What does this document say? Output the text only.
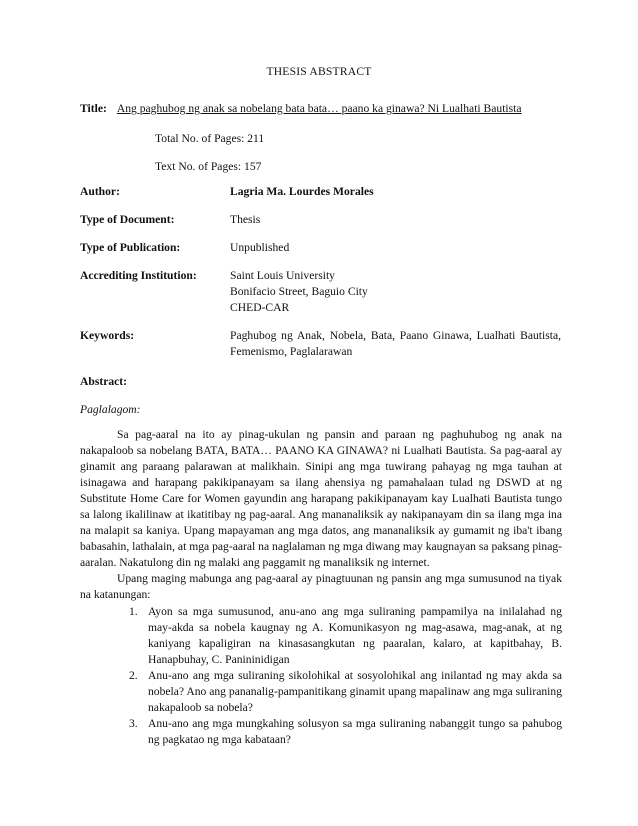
THESIS ABSTRACT
Title: Ang paghubog ng anak sa nobelang bata bata… paano ka ginawa? Ni Lualhati Bautista
Total No. of Pages: 211
Text No. of Pages: 157
Author:	Lagria Ma. Lourdes Morales
Type of Document:	Thesis
Type of Publication:	Unpublished
Accrediting Institution:	Saint Louis University
Bonifacio Street, Baguio City
CHED-CAR
Keywords:	Paghubog ng Anak, Nobela, Bata, Paano Ginawa, Lualhati Bautista, Femenismo, Paglalarawan
Abstract:
Paglalagom:

Sa pag-aaral na ito ay pinag-ukulan ng pansin and paraan ng paghuhubog ng anak na nakapaloob sa nobelang BATA, BATA… PAANO KA GINAWA? ni Lualhati Bautista. Sa pag-aaral ay ginamit ang paraang palarawan at malikhain. Sinipi ang mga tuwirang pahayag ng mga tauhan at isinagawa and harapang pakikipanayam sa ilang ahensiya ng pamahalaan tulad ng DSWD at ng Substitute Home Care for Women gayundin ang harapang pakikipanayam kay Lualhati Bautista tungo sa lalong ikalilinaw at ikatitibay ng pag-aaral. Ang mananaliksik ay nakipanayam din sa ilang mga ina na malapit sa kaniya. Upang mapayaman ang mga datos, ang mananaliksik ay gumamit ng iba't ibang babasahin, lathalain, at mga pag-aaral na naglalaman ng mga diwang may kaugnayan sa paksang pinag-aaralan. Nakatulong din ng malaki ang paggamit ng manaliksik ng internet.

Upang maging mabunga ang pag-aaral ay pinagtuunan ng pansin ang mga sumusunod na tiyak na katanungan:

1. Ayon sa mga sumusunod, anu-ano ang mga suliraning pampamilya na inilalahad ng may-akda sa nobela kaugnay ng A. Komunikasyon ng mag-asawa, mag-anak, at ng kaniyang kapaligiran na kinasasangkutan ng paaralan, kalaro, at kapitbahay, B. Hanapbuhay, C. Panininidigan
2. Anu-ano ang mga suliraning sikolohikal at sosyolohikal ang inilantad ng may akda sa nobela? Ano ang pananalig-pampanitikang ginamit upang mapalinaw ang mga suliraning nakapaloob sa nobela?
3. Anu-ano ang mga mungkahing solusyon sa mga suliraning nabanggit tungo sa pahubog ng pagkatao ng mga kabataan?
